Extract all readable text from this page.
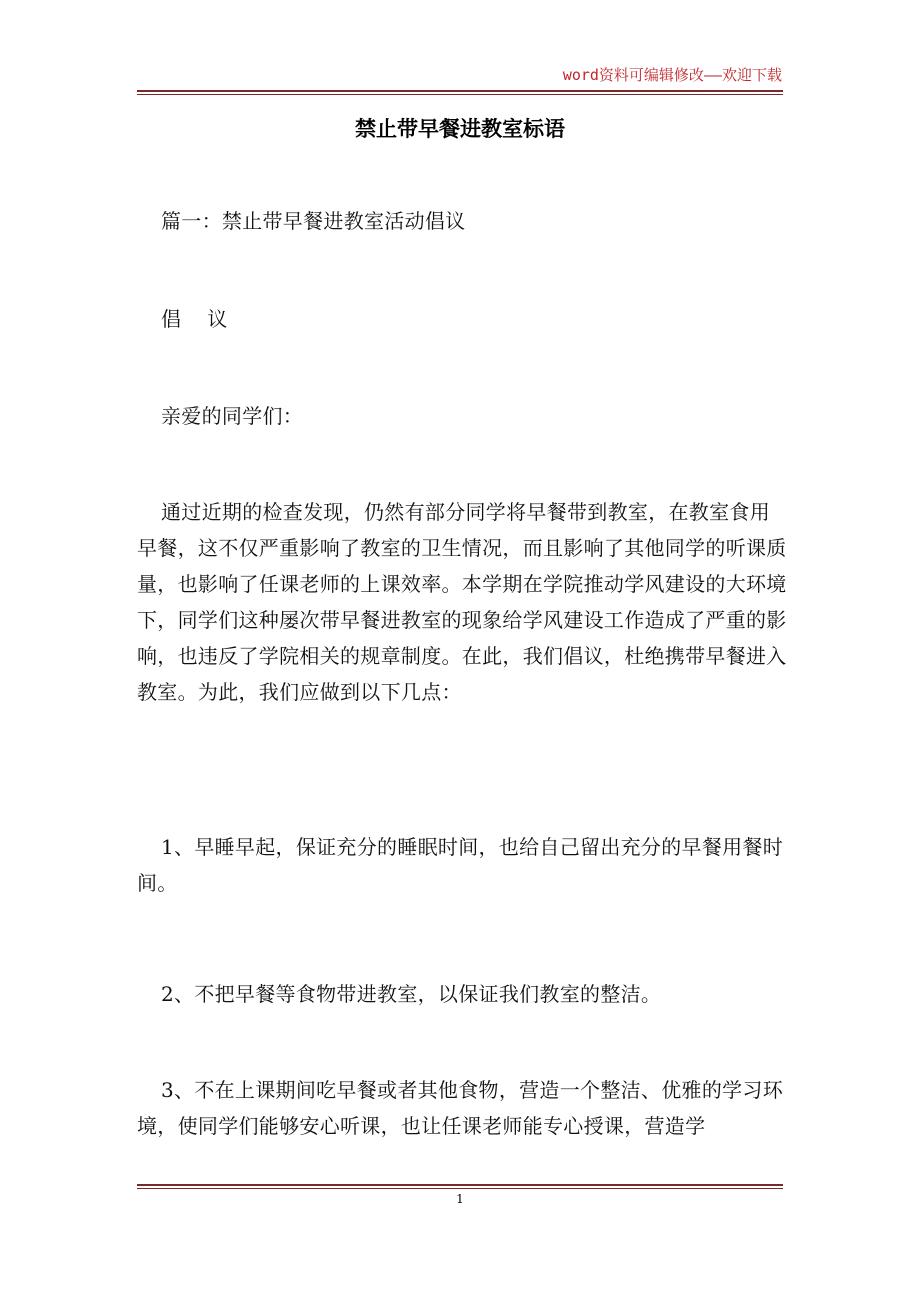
word资料可编辑修改——欢迎下载
禁止带早餐进教室标语
篇一：禁止带早餐进教室活动倡议
倡 议
亲爱的同学们：
通过近期的检查发现，仍然有部分同学将早餐带到教室，在教室食用早餐，这不仅严重影响了教室的卫生情况，而且影响了其他同学的听课质量，也影响了任课老师的上课效率。本学期在学院推动学风建设的大环境下，同学们这种屡次带早餐进教室的现象给学风建设工作造成了严重的影响，也违反了学院相关的规章制度。在此，我们倡议，杜绝携带早餐进入教室。为此，我们应做到以下几点：
1、早睡早起，保证充分的睡眠时间，也给自己留出充分的早餐用餐时间。
2、不把早餐等食物带进教室，以保证我们教室的整洁。
3、不在上课期间吃早餐或者其他食物，营造一个整洁、优雅的学习环境，使同学们能够安心听课，也让任课老师能专心授课，营造学
1
